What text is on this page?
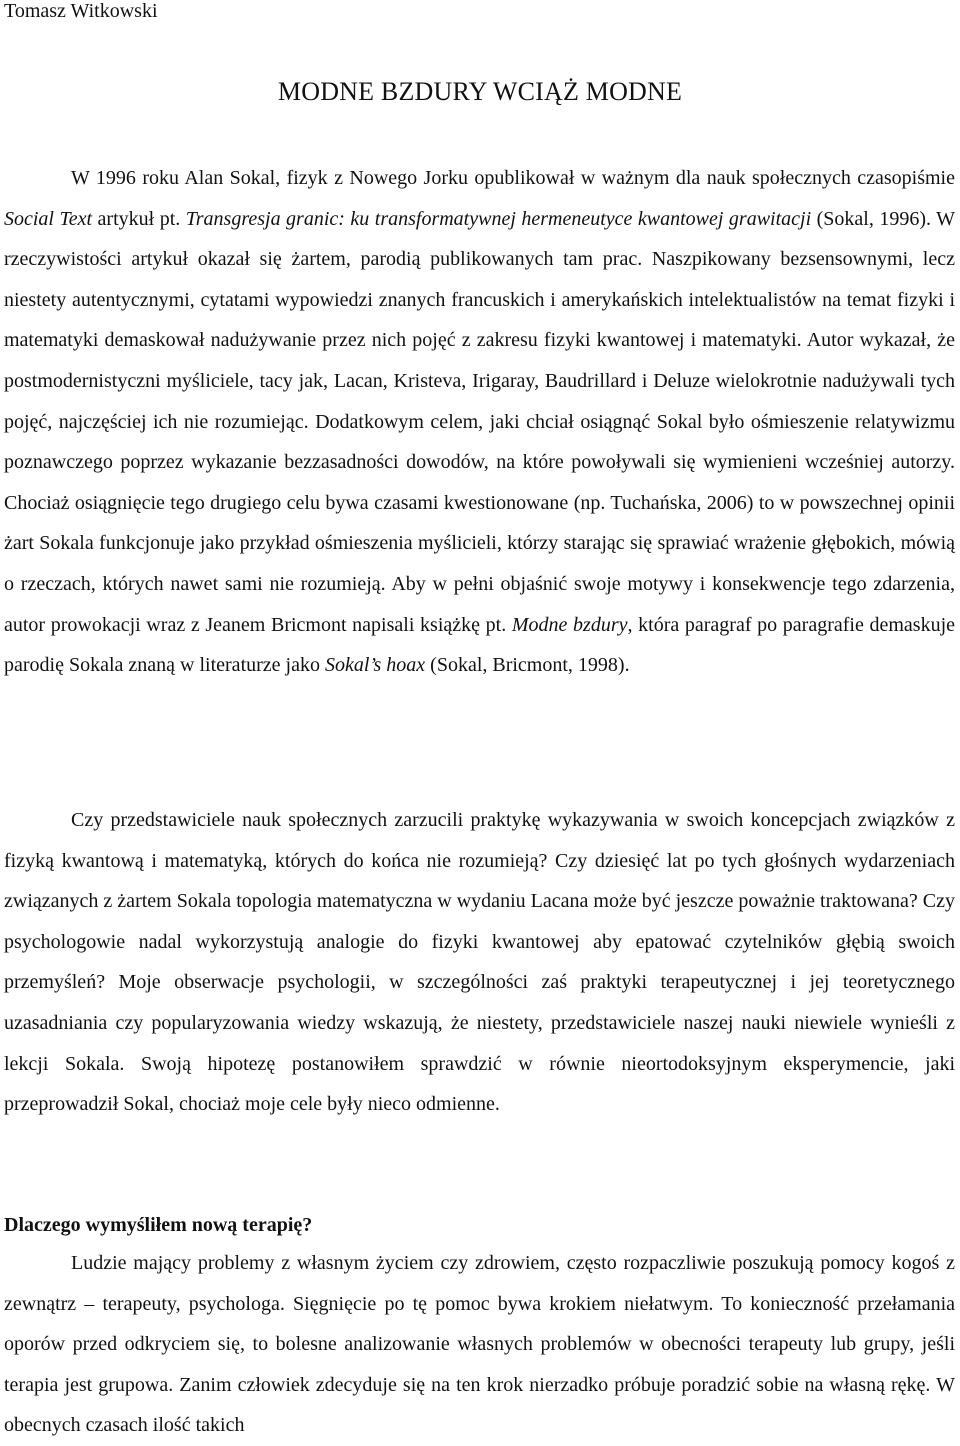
Tomasz Witkowski

MODNE BZDURY WCIĄŻ MODNE

W 1996 roku Alan Sokal, fizyk z Nowego Jorku opublikował w ważnym dla nauk społecznych czasopiśmie Social Text artykuł pt. Transgresja granic: ku transformatywnej hermeneutyce kwantowej grawitacji (Sokal, 1996). W rzeczywistości artykuł okazał się żartem, parodią publikowanych tam prac. Naszpikowany bezsensownymi, lecz niestety autentycznymi, cytatami wypowiedzi znanych francuskich i amerykańskich intelektualistów na temat fizyki i matematyki demaskował nadużywanie przez nich pojęć z zakresu fizyki kwantowej i matematyki. Autor wykazał, że postmodernistyczni myśliciele, tacy jak, Lacan, Kristeva, Irigaray, Baudrillard i Deluze wielokrotnie nadużywali tych pojęć, najczęściej ich nie rozumiejąc. Dodatkowym celem, jaki chciał osiągnąć Sokal było ośmieszenie relatywizmu poznawczego poprzez wykazanie bezzasadności dowodów, na które powoływali się wymienieni wcześniej autorzy. Chociaż osiągnięcie tego drugiego celu bywa czasami kwestionowane (np. Tuchańska, 2006) to w powszechnej opinii żart Sokala funkcjonuje jako przykład ośmieszenia myślicieli, którzy starając się sprawiać wrażenie głębokich, mówią o rzeczach, których nawet sami nie rozumieją. Aby w pełni objaśnić swoje motywy i konsekwencje tego zdarzenia, autor prowokacji wraz z Jeanem Bricmont napisali książkę pt. Modne bzdury, która paragraf po paragrafie demaskuje parodię Sokala znaną w literaturze jako Sokal’s hoax (Sokal, Bricmont, 1998).

Czy przedstawiciele nauk społecznych zarzucili praktykę wykazywania w swoich koncepcjach związków z fizyką kwantową i matematyką, których do końca nie rozumieją? Czy dziesięć lat po tych głośnych wydarzeniach związanych z żartem Sokala topologia matematyczna w wydaniu Lacana może być jeszcze poważnie traktowana? Czy psychologowie nadal wykorzystują analogie do fizyki kwantowej aby epatować czytelników głębią swoich przemyśleń? Moje obserwacje psychologii, w szczególności zaś praktyki terapeutycznej i jej teoretycznego uzasadniania czy popularyzowania wiedzy wskazują, że niestety, przedstawiciele naszej nauki niewiele wynieśli z lekcji Sokala. Swoją hipotezę postanowiłem sprawdzić w równie nieortodoksyjnym eksperymencie, jaki przeprowadził Sokal, chociaż moje cele były nieco odmienne.

Dlaczego wymyśliłem nową terapię?

Ludzie mający problemy z własnym życiem czy zdrowiem, często rozpaczliwie poszukują pomocy kogoś z zewnątrz – terapeuty, psychologa. Sięgnięcie po tę pomoc bywa krokiem niełatwym. To konieczność przełamania oporów przed odkryciem się, to bolesne analizowanie własnych problemów w obecności terapeuty lub grupy, jeśli terapia jest grupowa. Zanim człowiek zdecyduje się na ten krok nierzadko próbuje poradzić sobie na własną rękę. W obecnych czasach ilość takich
